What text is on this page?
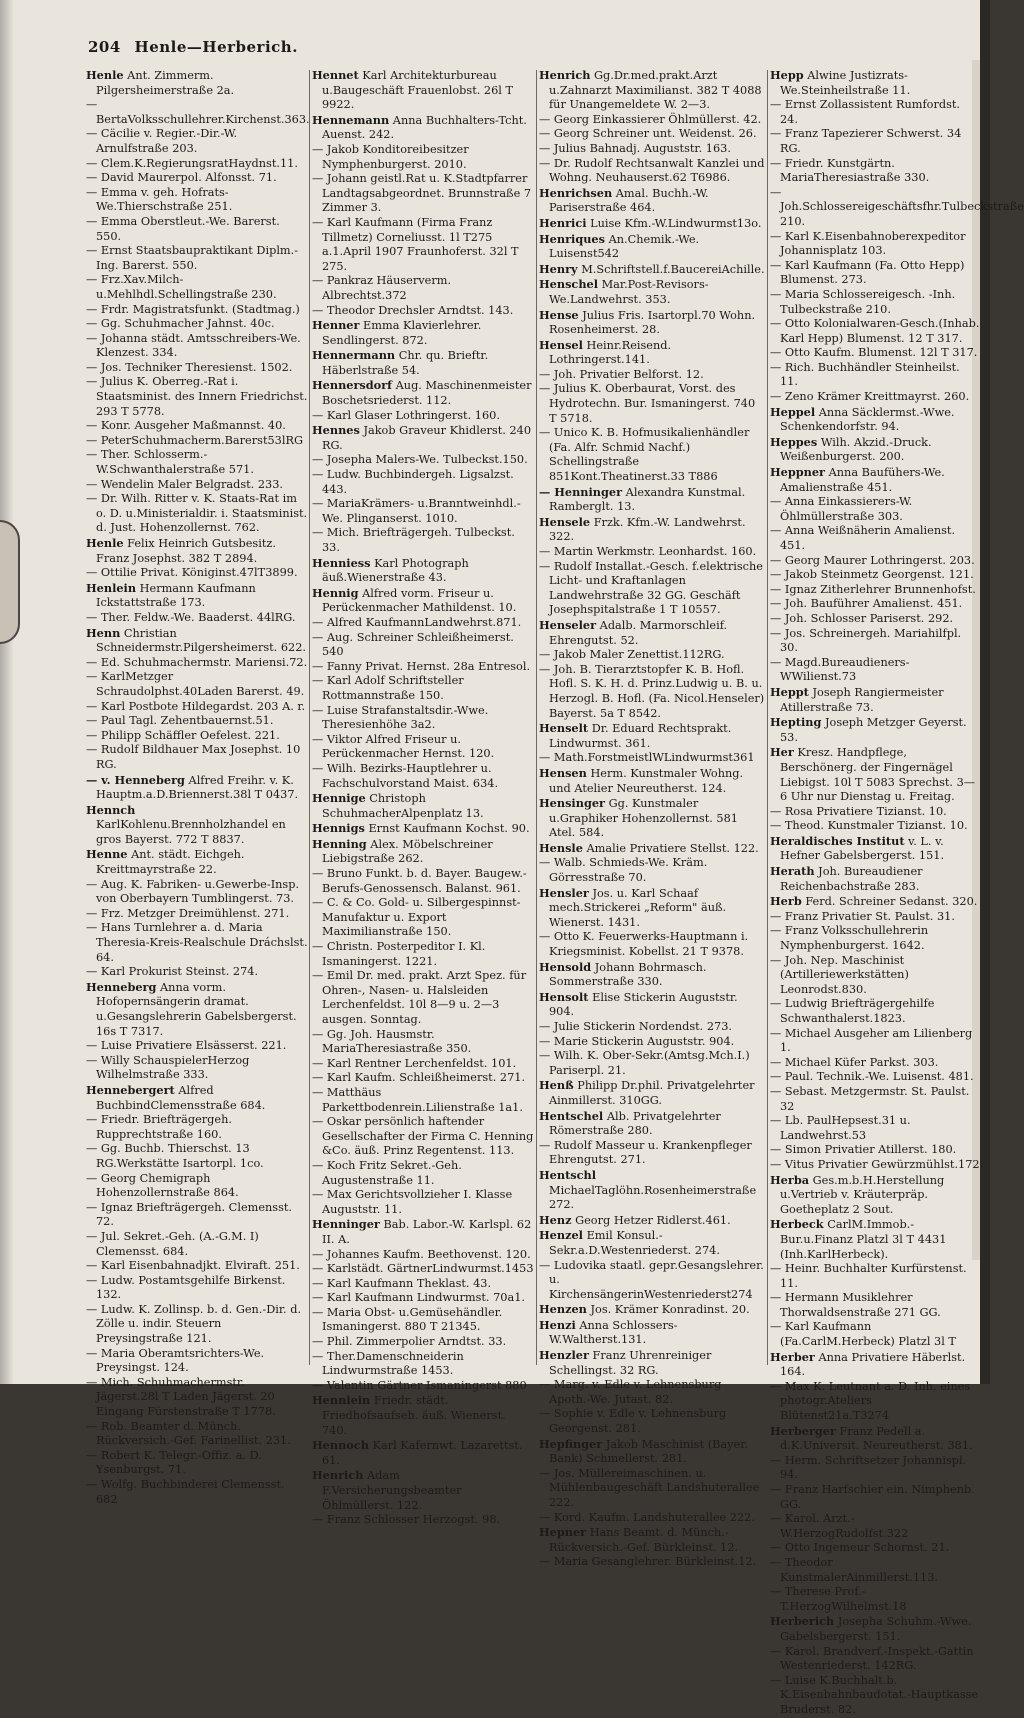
204 Henle—Herberich.

Henle Ant. Zimmerm. Pilgersheimerstraße 2a.

— BertaVolksschullehrer.Kirchenst.363.

— Cäcilie v. Regier.-Dir.-W. Arnulfstraße 203.

— Clem.K.RegierungsratHaydnst.11.

— David Maurerpol. Alfonsst. 71.

— Emma v. geh. Hofrats-We.Thierschstraße 251.

— Emma Oberstleut.-We. Barerst. 550.

— Ernst Staatsbaupraktikant Diplm.-Ing. Barerst. 550.

— Frz.Xav.Milch-u.Mehlhdl.Schellingstraße 230.

— Frdr. Magistratsfunkt. (Stadtmag.)

— Gg. Schuhmacher Jahnst. 40c.

— Johanna städt. Amtsschreibers-We. Klenzest. 334.

— Jos. Techniker Theresienst. 1502.

— Julius K. Oberreg.-Rat i. Staatsminist. des Innern Friedrichst. 293 T 5778.

— Konr. Ausgeher Maßmannst. 40.

— PeterSchuhmacherm.Barerst53lRG

— Ther. Schlosserm.-W.Schwanthalerstraße 571.

— Wendelin Maler Belgradst. 233.

— Dr. Wilh. Ritter v. K. Staats-Rat im o. D. u.Ministerialdir. i. Staatsminist. d. Just. Hohenzollernst. 762.

Henle Felix Heinrich Gutsbesitz. Franz Josephst. 382 T 2894.

— Ottilie Privat. Königinst.47lT3899.

Henlein Hermann Kaufmann Ickstattstraße 173.

— Ther. Feldw.-We. Baaderst. 44lRG.

Henn Christian Schneidermstr.Pilgersheimerst. 622.

— Ed. Schuhmachermstr. Mariensi.72.

— KarlMetzger Schraudolphst.40Laden Barerst. 49.

— Karl Postbote Hildegardst. 203 A. r.

— Paul Tagl. Zehentbauernst.51.

— Philipp Schäffler Oefelest. 221.

— Rudolf Bildhauer Max Josephst. 10 RG.

— v. Henneberg Alfred Freihr. v. K. Hauptm.a.D.Briennerst.38l T 0437.

Hennch KarlKohlenu.Brennholzhandel en gros Bayerst. 772 T 8837.

Henne Ant. städt. Eichgeh. Kreittmayrstraße 22.

— Aug. K. Fabriken- u.Gewerbe-Insp. von Oberbayern Tumblingerst. 73.

— Frz. Metzger Dreimühlenst. 271.

— Hans Turnlehrer a. d. Maria Theresia-Kreis-Realschule Dráchslst. 64.

— Karl Prokurist Steinst. 274.

Henneberg Anna vorm. Hofopernsängerin dramat. u.Gesangslehrerin Gabelsbergerst. 16s T 7317.

— Luise Privatiere Elsässerst. 221.

— Willy SchauspielerHerzog Wilhelmstraße 333.

Hennebergert Alfred BuchbindClemensstraße 684.

— Friedr. Briefträgergeh. Rupprechtstraße 160.

— Gg. Buchb. Thierschst. 13 RG.Werkstätte Isartorpl. 1co.

— Georg Chemigraph Hohenzollernstraße 864.

— Ignaz Briefträgergeh. Clemensst. 72.

— Jul. Sekret.-Geh. (A.-G.M. I) Clemensst. 684.

— Karl Eisenbahnadjkt. Elviraft. 251.

— Ludw. Postamtsgehilfe Birkenst. 132.

— Ludw. K. Zollinsp. b. d. Gen.-Dir. d. Zölle u. indir. Steuern Preysingstraße 121.

— Maria Oberamtsrichters-We. Preysingst. 124.

— Mich. Schuhmachermstr. Jägerst.28l T Laden Jägerst. 20 Eingang Fürstenstraße T 1778.

— Rob. Beamter d. Münch. Rückversich.-Gef. Farinellist. 231.

— Robert K. Telegr.-Offiz. a. D. Ysenburgst. 71.

— Wolfg. Buchbinderei Clemensst. 682

Hennet Karl Architekturbureau u.Baugeschäft Frauenlobst. 26l T 9922.

Hennemann Anna Buchhalters-Tcht. Auenst. 242.

— Jakob Konditoreibesitzer Nymphenburgerst. 2010.

— Johann geistl.Rat u. K.Stadtpfarrer Landtagsabgeordnet. Brunnstraße 7 Zimmer 3.

— Karl Kaufmann (Firma Franz Tillmetz) Corneliusst. 1l T275 a.1.April 1907 Fraunhoferst. 32l T 275.

— Pankraz Häuserverm. Albrechtst.372

— Theodor Drechsler Arndtst. 143.

Henner Emma Klavierlehrer. Sendlingerst. 872.

Hennermann Chr. qu. Brieftr. Häberlstraße 54.

Hennersdorf Aug. Maschinenmeister Boschetsriederst. 112.

— Karl Glaser Lothringerst. 160.

Hennes Jakob Graveur Khidlerst. 240 RG.

— Josepha Malers-We. Tulbeckst.150.

— Ludw. Buchbindergeh. Ligsalzst. 443.

— MariaKrämers- u.Branntweinhdl.-We. Plinganserst. 1010.

— Mich. Briefträgergeh. Tulbeckst. 33.

Henniess Karl Photograph äuß.Wienerstraße 43.

Hennig Alfred vorm. Friseur u. Perückenmacher Mathildenst. 10.

— Alfred KaufmannLandwehrst.871.

— Aug. Schreiner Schleißheimerst. 540

— Fanny Privat. Hernst. 28a Entresol.

— Karl Adolf Schriftsteller Rottmannstraße 150.

— Luise Strafanstaltsdir.-Wwe. Theresienhöhe 3a2.

— Viktor Alfred Friseur u. Perückenmacher Hernst. 120.

— Wilh. Bezirks-Hauptlehrer u. Fachschulvorstand Maist. 634.

Hennige Christoph SchuhmacherAlpenplatz 13.

Hennigs Ernst Kaufmann Kochst. 90.

Henning Alex. Möbelschreiner Liebigstraße 262.

— Bruno Funkt. b. d. Bayer. Baugew.-Berufs-Genossensch. Balanst. 961.

— C. & Co. Gold- u. Silbergespinnst-Manufaktur u. Export Maximilianstraße 150.

— Christn. Posterpeditor I. Kl. Ismaningerst. 1221.

— Emil Dr. med. prakt. Arzt Spez. für Ohren-, Nasen- u. Halsleiden Lerchenfeldst. 10l 8—9 u. 2—3 ausgen. Sonntag.

— Gg. Joh. Hausmstr. MariaTheresiastraße 350.

— Karl Rentner Lerchenfeldst. 101.

— Karl Kaufm. Schleißheimerst. 271.

— Matthäus Parkettbodenrein.Lilienstraße 1a1.

— Oskar persönlich haftender Gesellschafter der Firma C. Henning &Co. äuß. Prinz Regentenst. 113.

— Koch Fritz Sekret.-Geh. Augustenstraße 11.

— Max Gerichtsvollzieher I. Klasse Auguststr. 11.

Henninger Bab. Labor.-W. Karlspl. 62 II. A.

— Johannes Kaufm. Beethovenst. 120.

— Karlstädt. GärtnerLindwurmst.1453

— Karl Kaufmann Theklast. 43.

— Karl Kaufmann Lindwurmst. 70a1.

— Maria Obst- u.Gemüsehändler. Ismaningerst. 880 T 21345.

— Phil. Zimmerpolier Arndtst. 33.

— Ther.Damenschneiderin Lindwurmstraße 1453.

— Valentin Gärtner Ismaningerst 880

Hennlein Friedr. städt. Friedhofsaufseh. äuß. Wienerst. 740.

Hennoch Karl Kafernwt. Lazarettst. 61.

Henrich Adam F.Versicherungsbeamter Öhlmüllerst. 122.

— Franz Schlosser Herzogst. 98.

Henrich Gg.Dr.med.prakt.Arzt u.Zahnarzt Maximilianst. 382 T 4088 für Unangemeldete W. 2—3.

— Georg Einkassierer Öhlmüllerst. 42.

— Georg Schreiner unt. Weidenst. 26.

— Julius Bahnadj. Auguststr. 163.

— Dr. Rudolf Rechtsanwalt Kanzlei und Wohng. Neuhauserst.62 T6986.

Henrichsen Amal. Buchh.-W. Pariserstraße 464.

Henrici Luise Kfm.-W.Lindwurmst13o.

Henriques An.Chemik.-We. Luisenst542

Henry M.Schriftstell.f.BaucereiAchille.

Henschel Mar.Post-Revisors-We.Landwehrst. 353.

Hense Julius Fris. Isartorpl.70 Wohn. Rosenheimerst. 28.

Hensel Heinr.Reisend. Lothringerst.141.

— Joh. Privatier Belforst. 12.

— Julius K. Oberbaurat, Vorst. des Hydrotechn. Bur. Ismaningerst. 740 T 5718.

— Unico K. B. Hofmusikalienhändler (Fa. Alfr. Schmid Nachf.) Schellingstraße 851Kont.Theatinerst.33 T886

— Henninger Alexandra Kunstmal. Ramberglt. 13.

Hensele Frzk. Kfm.-W. Landwehrst. 322.

— Martin Werkmstr. Leonhardst. 160.

— Rudolf Installat.-Gesch. f.elektrische Licht- und Kraftanlagen Landwehrstraße 32 GG. Geschäft Josephspitalstraße 1 T 10557.

Henseler Adalb. Marmorschleif. Ehrengutst. 52.

— Jakob Maler Zenettist.112RG.

— Joh. B. Tierarztstopfer K. B. Hofl. Hofl. S. K. H. d. Prinz.Ludwig u. B. u. Herzogl. B. Hofl. (Fa. Nicol.Henseler) Bayerst. 5a T 8542.

Henselt Dr. Eduard Rechtsprakt. Lindwurmst. 361.

— Math.ForstmeistlWLindwurmst361

Hensen Herm. Kunstmaler Wohng. und Atelier Neureutherst. 124.

Hensinger Gg. Kunstmaler u.Graphiker Hohenzollernst. 581 Atel. 584.

Hensle Amalie Privatiere Stellst. 122.

— Walb. Schmieds-We. Kräm. Görresstraße 70.

Hensler Jos. u. Karl Schaaf mech.Strickerei „Reform" äuß. Wienerst. 1431.

— Otto K. Feuerwerks-Hauptmann i. Kriegsminist. Kobellst. 21 T 9378.

Hensold Johann Bohrmasch. Sommerstraße 330.

Hensolt Elise Stickerin Auguststr. 904.

— Julie Stickerin Nordendst. 273.

— Marie Stickerin Auguststr. 904.

— Wilh. K. Ober-Sekr.(Amtsg.Mch.I.) Pariserpl. 21.

Henß Philipp Dr.phil. Privatgelehrter Ainmillerst. 310GG.

Hentschel Alb. Privatgelehrter Römerstraße 280.

— Rudolf Masseur u. Krankenpfleger Ehrengutst. 271.

Hentschl MichaelTaglöhn.Rosenheimerstraße 272.

Henz Georg Hetzer Ridlerst.461.

Henzel Emil Konsul.-Sekr.a.D.Westenriederst. 274.

— Ludovika staatl. gepr.Gesangslehrer. u. KirchensängerinWestenriederst274

Henzen Jos. Krämer Konradinst. 20.

Henzi Anna Schlossers-W.Waltherst.131.

Henzler Franz Uhrenreiniger Schellingst. 32 RG.

— Marg. v. Edle v. Lehnensburg Apoth.-We. Jutast. 82.

— Sophie v. Edle v. Lehnensburg Georgenst. 281.

Hepfinger Jakob Maschinist (Bayer. Bank) Schmellerst. 281.

— Jos. Müllereimaschinen. u. Mühlenbaugeschäft Landshuterallee 222.

— Kord. Kaufm. Landshuterallee 222.

Hepner Hans Beamt. d. Münch.-Rückversich.-Gef. Bürkleinst. 12.

— Maria Gesanglehrer. Bürkleinst.12.

Hepp Alwine Justizrats-We.Steinheilstraße 11.

— Ernst Zollassistent Rumfordst. 24.

— Franz Tapezierer Schwerst. 34 RG.

— Friedr. Kunstgärtn. MariaTheresiastraße 330.

— Joh.Schlossereigeschäftsfhr.Tulbeckstraße 210.

— Karl K.Eisenbahnoberexpeditor Johannisplatz 103.

— Karl Kaufmann (Fa. Otto Hepp) Blumenst. 273.

— Maria Schlossereigesch. -Inh. Tulbeckstraße 210.

— Otto Kolonialwaren-Gesch.(Inhab. Karl Hepp) Blumenst. 12 T 317.

— Otto Kaufm. Blumenst. 12l T 317.

— Rich. Buchhändler Steinheilst. 11.

— Zeno Krämer Kreittmayrst. 260.

Heppel Anna Säcklermst.-Wwe. Schenkendorfstr. 94.

Heppes Wilh. Akzid.-Druck. Weißenburgerst. 200.

Heppner Anna Baufühers-We. Amalienstraße 451.

— Anna Einkassierers-W. Öhlmüllerstraße 303.

— Anna Weißnäherin Amalienst. 451.

— Georg Maurer Lothringerst. 203.

— Jakob Steinmetz Georgenst. 121.

— Ignaz Zitherlehrer Brunnenhofst.

— Joh. Bauführer Amalienst. 451.

— Joh. Schlosser Pariserst. 292.

— Jos. Schreinergeh. Mariahilfpl. 30.

— Magd.Bureaudieners-WWilienst.73

Heppt Joseph Rangiermeister Atillerstraße 73.

Hepting Joseph Metzger Geyerst. 53.

Her Kresz. Handpflege, Berschönerg. der Fingernägel Liebigst. 10l T 5083 Sprechst. 3—6 Uhr nur Dienstag u. Freitag.

— Rosa Privatiere Tizianst. 10.

— Theod. Kunstmaler Tizianst. 10.

Heraldisches Institut v. L. v. Hefner Gabelsbergerst. 151.

Herath Joh. Bureaudiener Reichenbachstraße 283.

Herb Ferd. Schreiner Sedanst. 320.

— Franz Privatier St. Paulst. 31.

— Franz Volksschullehrerin Nymphenburgerst. 1642.

— Joh. Nep. Maschinist (Artilleriewerkstätten) Leonrodst.830.

— Ludwig Briefträgergehilfe Schwanthalerst.1823.

— Michael Ausgeher am Lilienberg 1.

— Michael Küfer Parkst. 303.

— Paul. Technik.-We. Luisenst. 481.

— Sebast. Metzgermstr. St. Paulst. 32

— Lb. PaulHepsest.31 u. Landwehrst.53

— Simon Privatier Atillerst. 180.

— Vitus Privatier Gewürzmühlst.172

Herba Ges.m.b.H.Herstellung u.Vertrieb v. Kräuterpräp. Goetheplatz 2 Sout.

Herbeck CarlM.Immob.-Bur.u.Finanz Platzl 3l T 4431 (Inh.KarlHerbeck).

— Heinr. Buchhalter Kurfürstenst. 11.

— Hermann Musiklehrer Thorwaldsenstraße 271 GG.

— Karl Kaufmann (Fa.CarlM.Herbeck) Platzl 3l T

Herber Anna Privatiere Häberlst. 164.

— Max K. Leutnant a. D. Inh. eines photogr.Ateliers Blütenst21a.T3274

Herberger Franz Pedell a. d.K.Universit. Neureutherst. 381.

— Herm. Schriftsetzer Johannispl. 94.

— Franz Harfschier ein. Nimphenb. GG.

— Karol. Arzt.-W.HerzogRudolfst.322

— Otto Ingemeur Schornst. 21.

— Theodor KunstmalerAinmillerst.113.

— Therese Prof.-T.HerzogWilhelmst.18

Herberich Josepha Schuhm.-Wwe. Gabelsbergerst. 151.

— Karol. Brandverf.-Inspekt.-Gattin Westenriederst. 142RG.

— Luise K.Buchhalt.b. K.Eisenbahnbaudotat.-Hauptkasse Bruderst. 82.
